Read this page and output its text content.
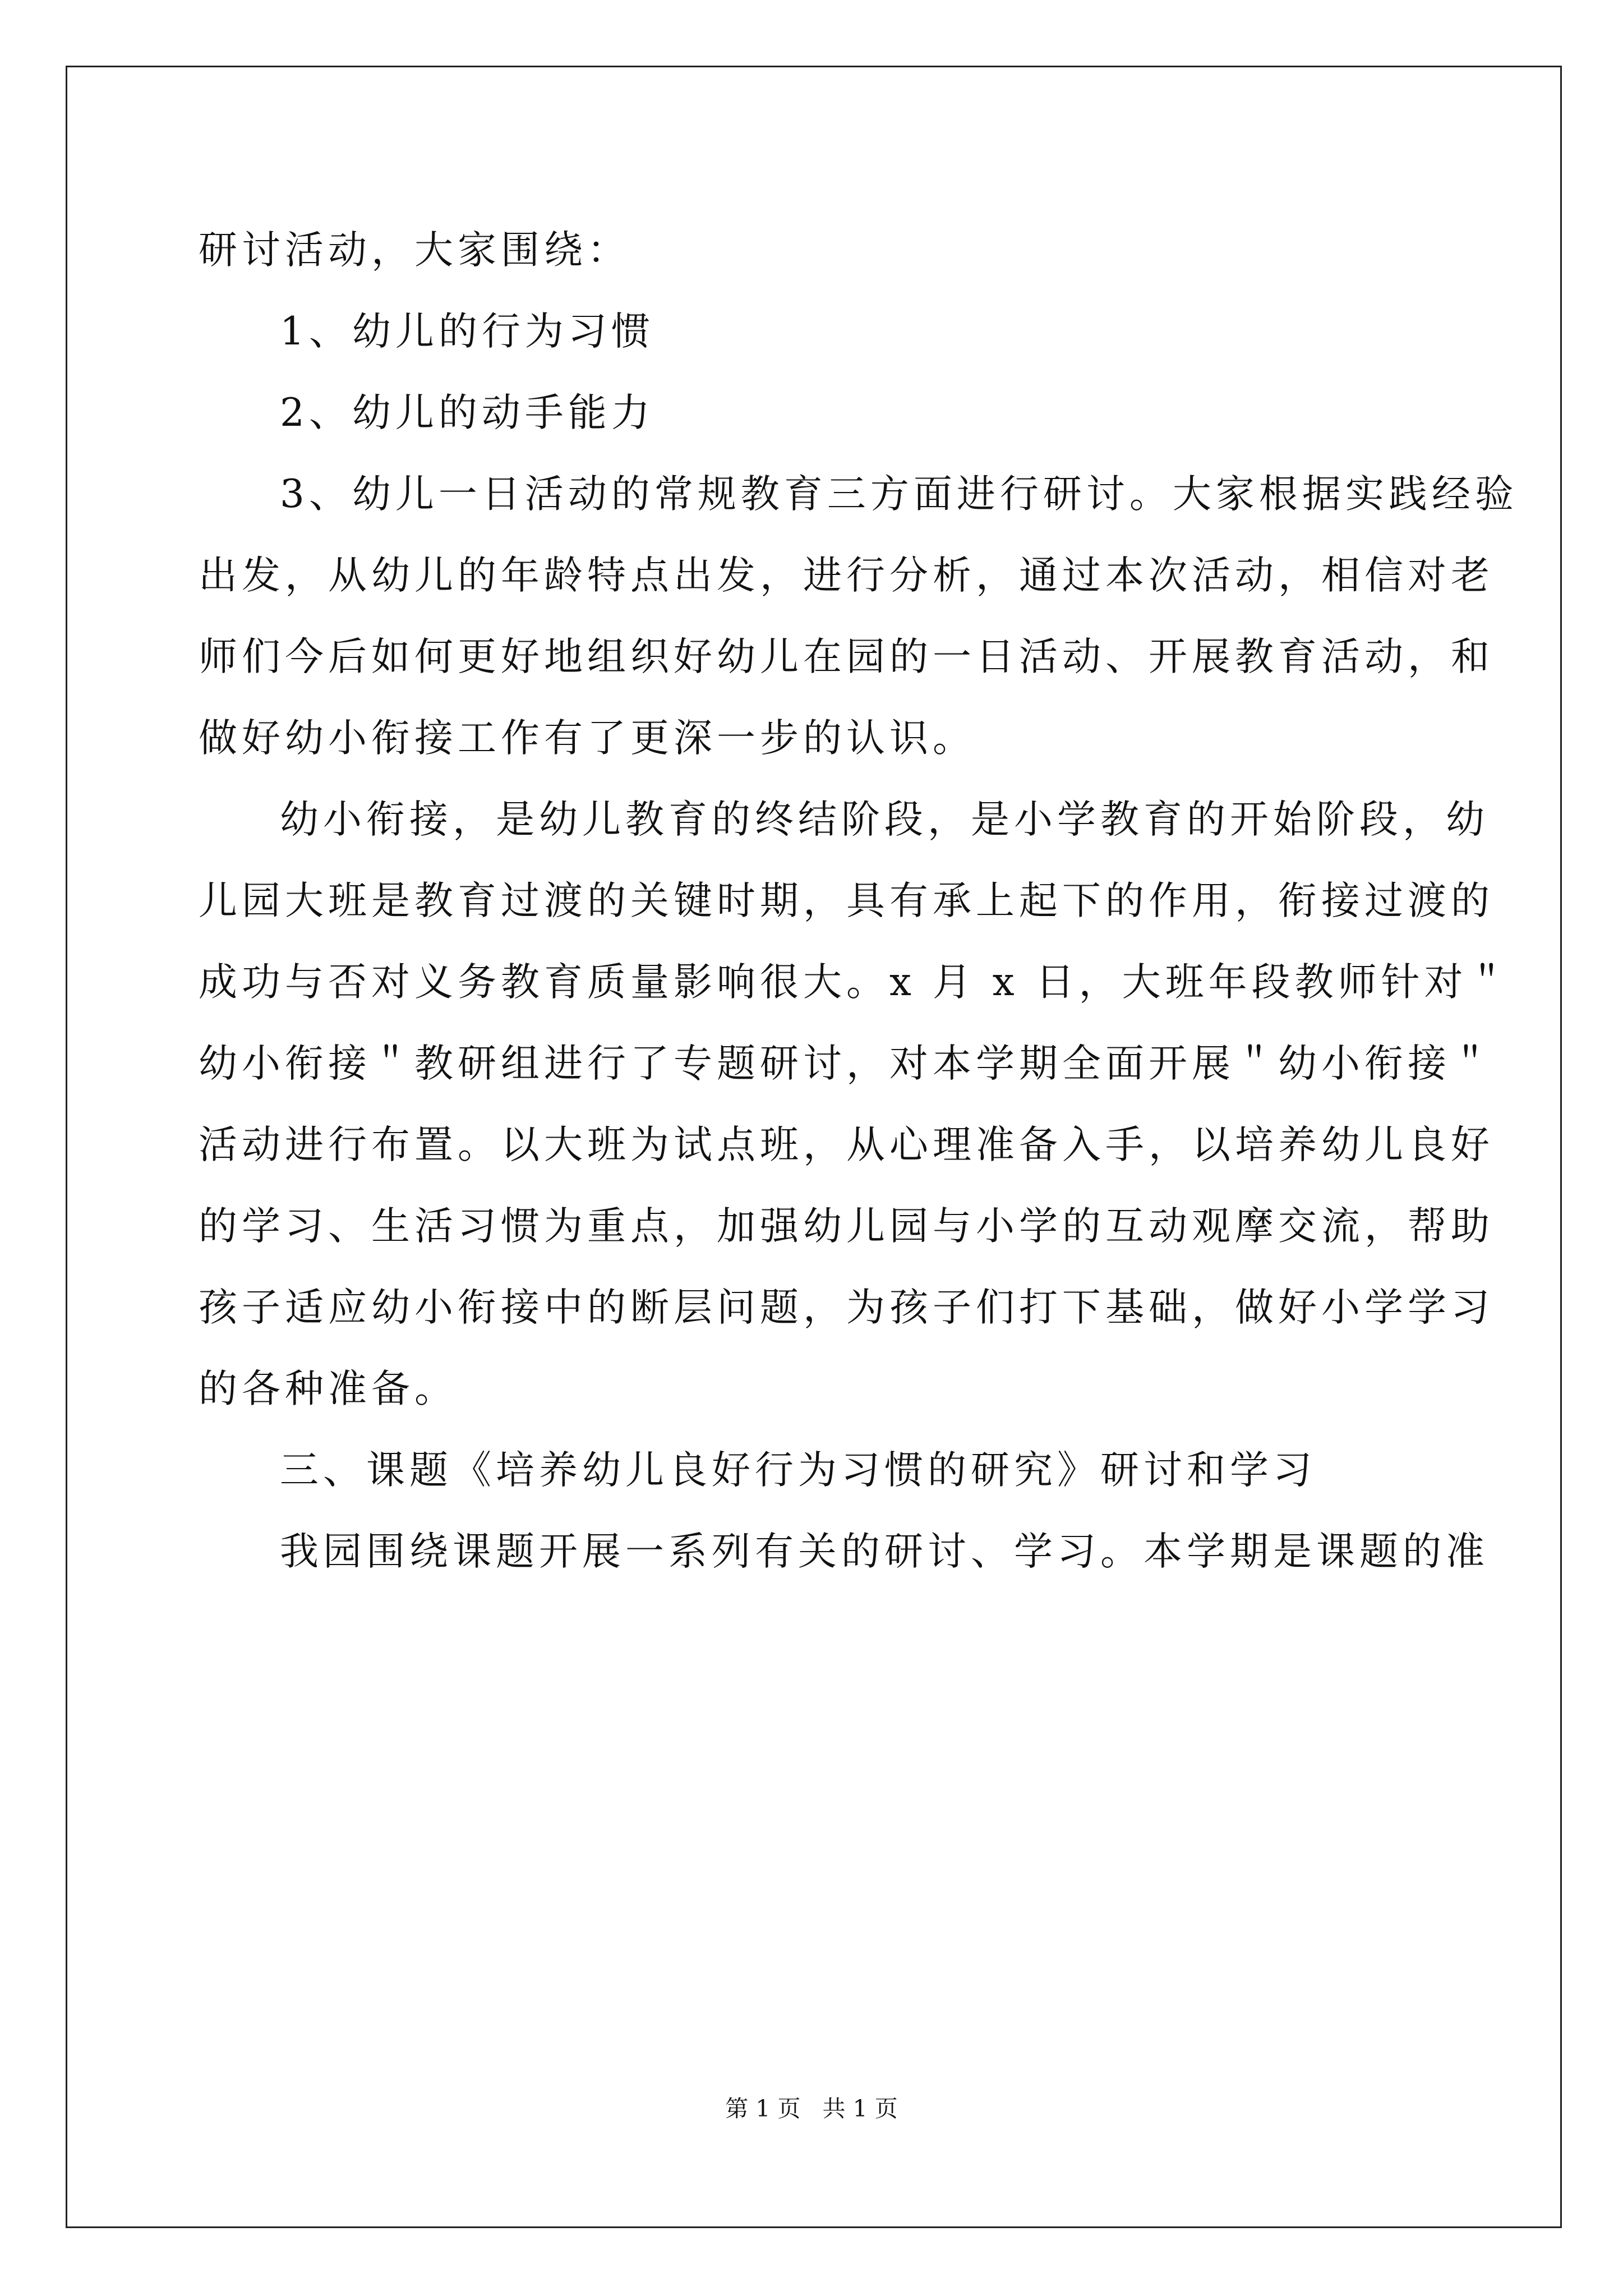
研讨活动，大家围绕：
1、幼儿的行为习惯
2、幼儿的动手能力
3、幼儿一日活动的常规教育三方面进行研讨。大家根据实践经验
出发，从幼儿的年龄特点出发，进行分析，通过本次活动，相信对老
师们今后如何更好地组织好幼儿在园的一日活动、开展教育活动，和
做好幼小衔接工作有了更深一步的认识。
幼小衔接，是幼儿教育的终结阶段，是小学教育的开始阶段，幼
儿园大班是教育过渡的关键时期，具有承上起下的作用，衔接过渡的
成功与否对义务教育质量影响很大。x 月 x 日，大班年段教师针对＂
幼小衔接＂教研组进行了专题研讨，对本学期全面开展＂幼小衔接＂
活动进行布置。以大班为试点班，从心理准备入手，以培养幼儿良好
的学习、生活习惯为重点，加强幼儿园与小学的互动观摩交流，帮助
孩子适应幼小衔接中的断层问题，为孩子们打下基础，做好小学学习
的各种准备。
三、课题《培养幼儿良好行为习惯的研究》研讨和学习
我园围绕课题开展一系列有关的研讨、学习。本学期是课题的准
第 1 页   共 1 页
